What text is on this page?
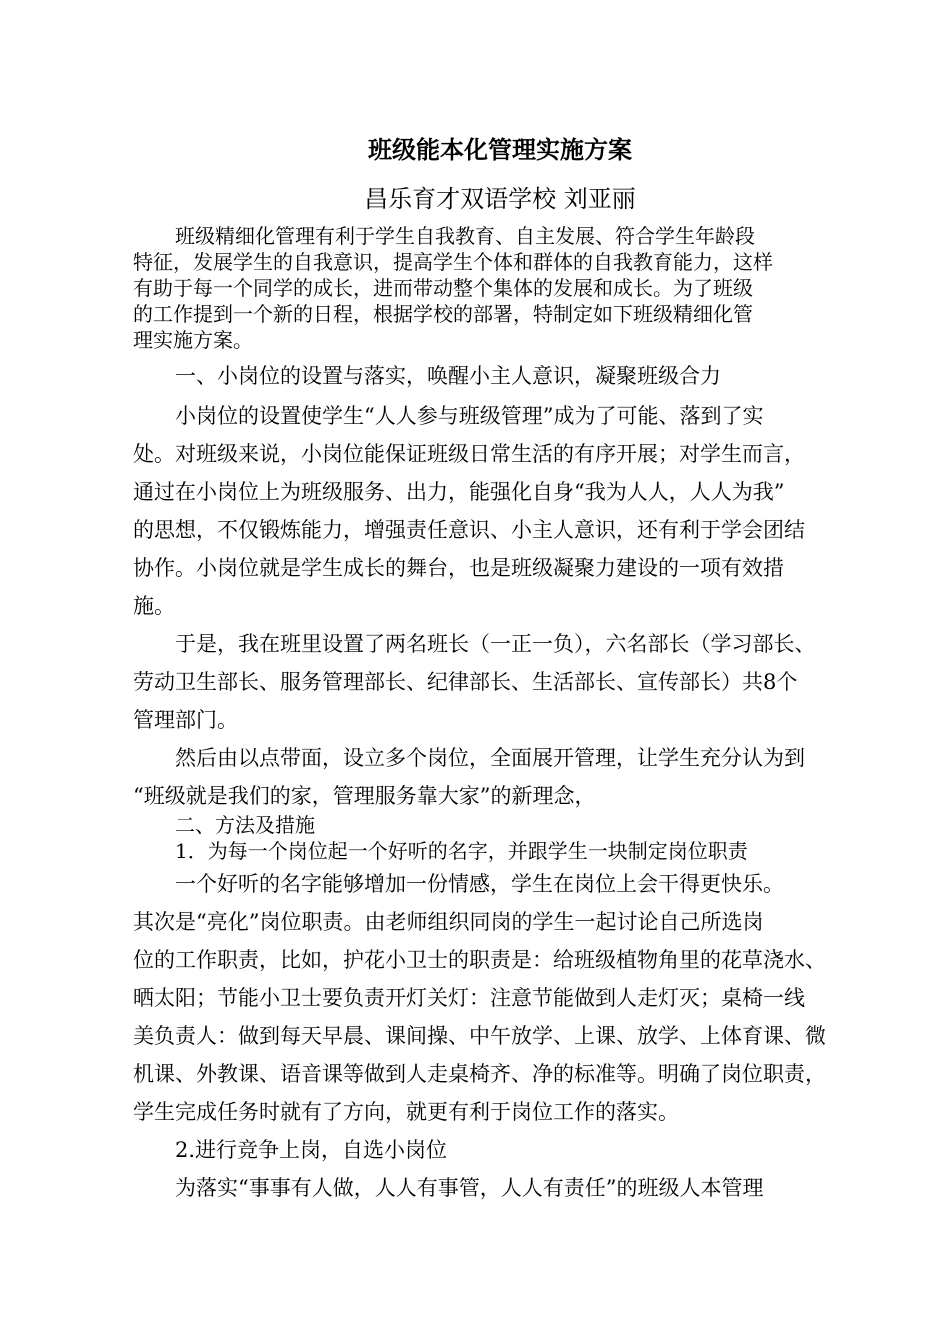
班级能本化管理实施方案
昌乐育才双语学校 刘亚丽
班级精细化管理有利于学生自我教育、自主发展、符合学生年龄段
特征，发展学生的自我意识，提高学生个体和群体的自我教育能力，这样
有助于每一个同学的成长，进而带动整个集体的发展和成长。为了班级
的工作提到一个新的日程，根据学校的部署，特制定如下班级精细化管
理实施方案。
一、小岗位的设置与落实，唤醒小主人意识，凝聚班级合力
小岗位的设置使学生“人人参与班级管理”成为了可能、落到了实
处。对班级来说，小岗位能保证班级日常生活的有序开展；对学生而言，
通过在小岗位上为班级服务、出力，能强化自身“我为人人，人人为我”
的思想，不仅锻炼能力，增强责任意识、小主人意识，还有利于学会团结
协作。小岗位就是学生成长的舞台，也是班级凝聚力建设的一项有效措
施。
于是，我在班里设置了两名班长（一正一负），六名部长（学习部长、
劳动卫生部长、服务管理部长、纪律部长、生活部长、宣传部长）共8个
管理部门。
然后由以点带面，设立多个岗位，全面展开管理，让学生充分认为到
“班级就是我们的家，管理服务靠大家”的新理念，
二、方法及措施
1．为每一个岗位起一个好听的名字，并跟学生一块制定岗位职责
一个好听的名字能够增加一份情感，学生在岗位上会干得更快乐。
其次是“亮化”岗位职责。由老师组织同岗的学生一起讨论自己所选岗
位的工作职责，比如，护花小卫士的职责是：给班级植物角里的花草浇水、
晒太阳；节能小卫士要负责开灯关灯：注意节能做到人走灯灭；桌椅一线
美负责人：做到每天早晨、课间操、中午放学、上课、放学、上体育课、微
机课、外教课、语音课等做到人走桌椅齐、净的标准等。明确了岗位职责，
学生完成任务时就有了方向，就更有利于岗位工作的落实。
2.进行竞争上岗，自选小岗位
为落实“事事有人做，人人有事管，人人有责任”的班级人本管理
